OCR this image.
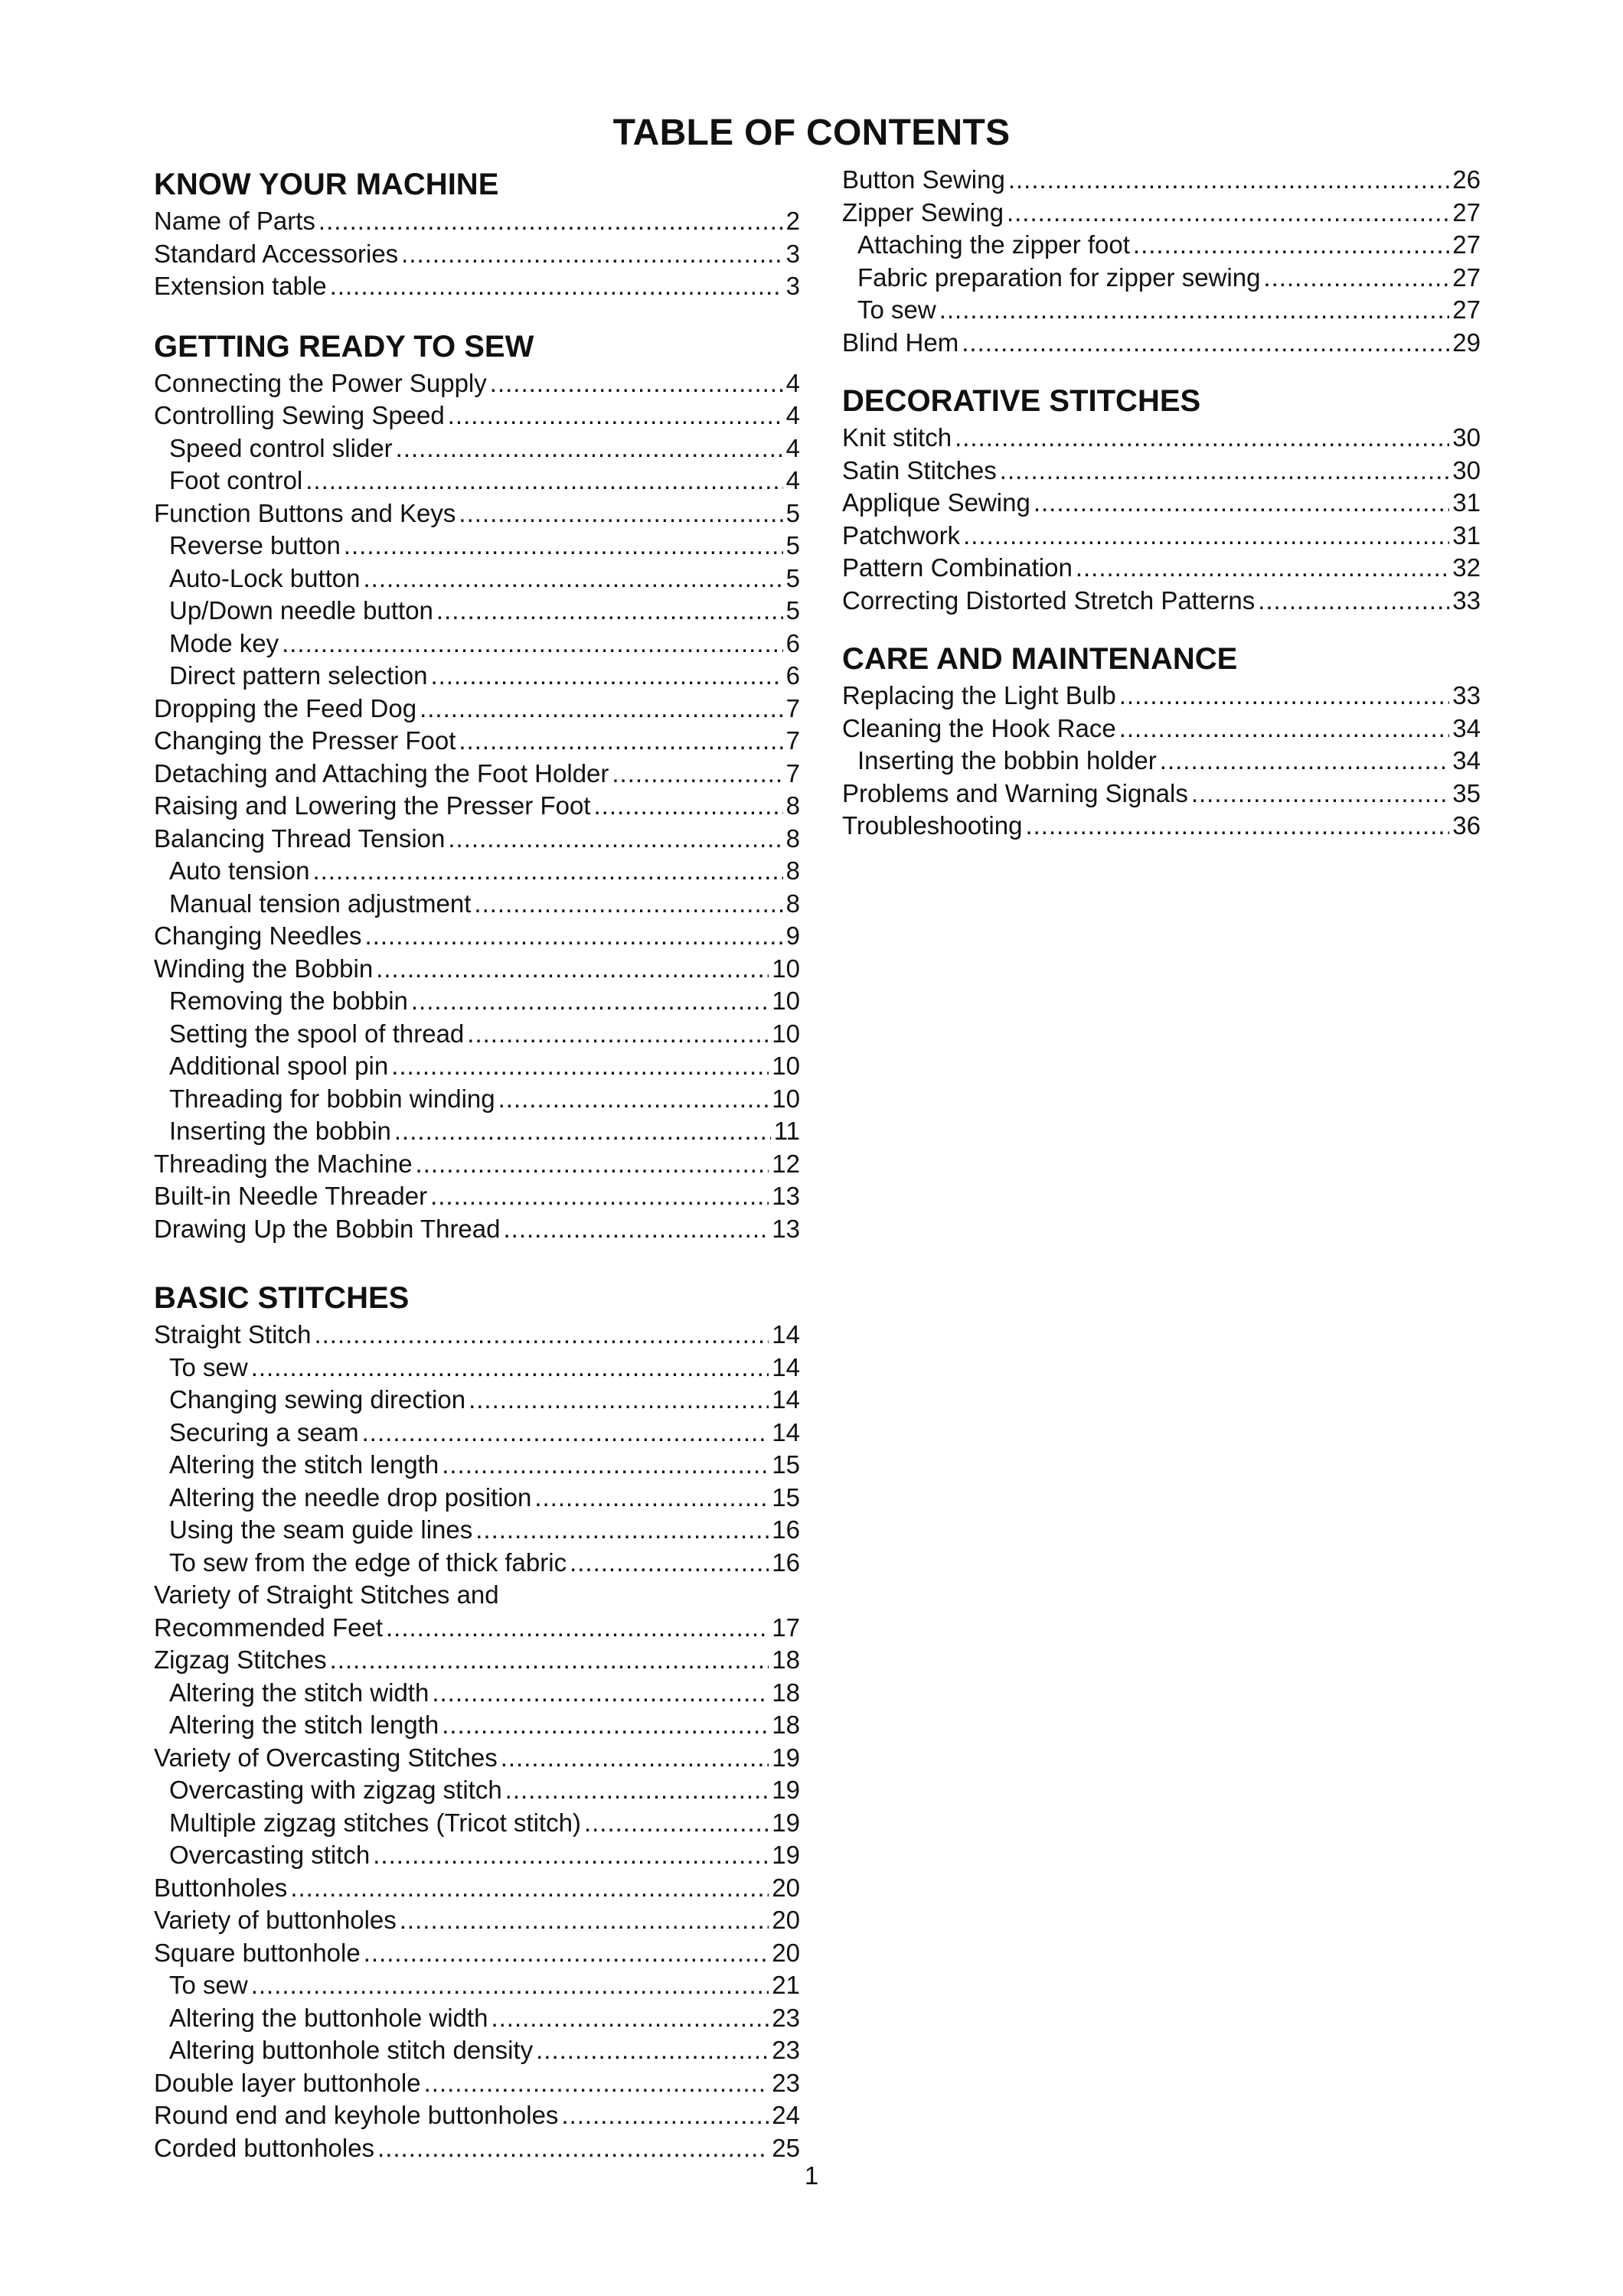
TABLE OF CONTENTS
KNOW YOUR MACHINE
Name of Parts .....	2
Standard Accessories .....	3
Extension table .....	3
GETTING READY TO SEW
Connecting the Power Supply .....	4
Controlling Sewing Speed .....	4
Speed control slider .....	4
Foot control .....	4
Function Buttons and Keys .....	5
Reverse button .....	5
Auto-Lock button .....	5
Up/Down needle button .....	5
Mode key .....	6
Direct pattern selection .....	6
Dropping the Feed Dog .....	7
Changing the Presser Foot .....	7
Detaching and Attaching the Foot Holder .....	7
Raising and Lowering the Presser Foot .....	8
Balancing Thread Tension .....	8
Auto tension .....	8
Manual tension adjustment .....	8
Changing Needles .....	9
Winding the Bobbin .....	10
Removing the bobbin .....	10
Setting the spool of thread .....	10
Additional spool pin .....	10
Threading for bobbin winding .....	10
Inserting the bobbin .....	11
Threading the Machine .....	12
Built-in Needle Threader .....	13
Drawing Up the Bobbin Thread .....	13
BASIC STITCHES
Straight Stitch .....	14
To sew .....	14
Changing sewing direction .....	14
Securing a seam .....	14
Altering the stitch length .....	15
Altering the needle drop position .....	15
Using the seam guide lines .....	16
To sew from the edge of thick fabric .....	16
Variety of Straight Stitches and
Recommended Feet .....	17
Zigzag Stitches .....	18
Altering the stitch width .....	18
Altering the stitch length .....	18
Variety of Overcasting Stitches .....	19
Overcasting with zigzag stitch .....	19
Multiple zigzag stitches (Tricot stitch) .....	19
Overcasting stitch .....	19
Buttonholes .....	20
Variety of buttonholes .....	20
Square buttonhole .....	20
To sew .....	21
Altering the buttonhole width .....	23
Altering buttonhole stitch density .....	23
Double layer buttonhole .....	23
Round end and keyhole buttonholes .....	24
Corded buttonholes .....	25
Button Sewing .....	26
Zipper Sewing .....	27
Attaching the zipper foot .....	27
Fabric preparation for zipper sewing .....	27
To sew .....	27
Blind Hem .....	29
DECORATIVE STITCHES
Knit stitch .....	30
Satin Stitches .....	30
Applique Sewing .....	31
Patchwork .....	31
Pattern Combination .....	32
Correcting Distorted Stretch Patterns .....	33
CARE AND MAINTENANCE
Replacing the Light Bulb .....	33
Cleaning the Hook Race .....	34
Inserting the bobbin holder .....	34
Problems and Warning Signals .....	35
Troubleshooting .....	36
1
